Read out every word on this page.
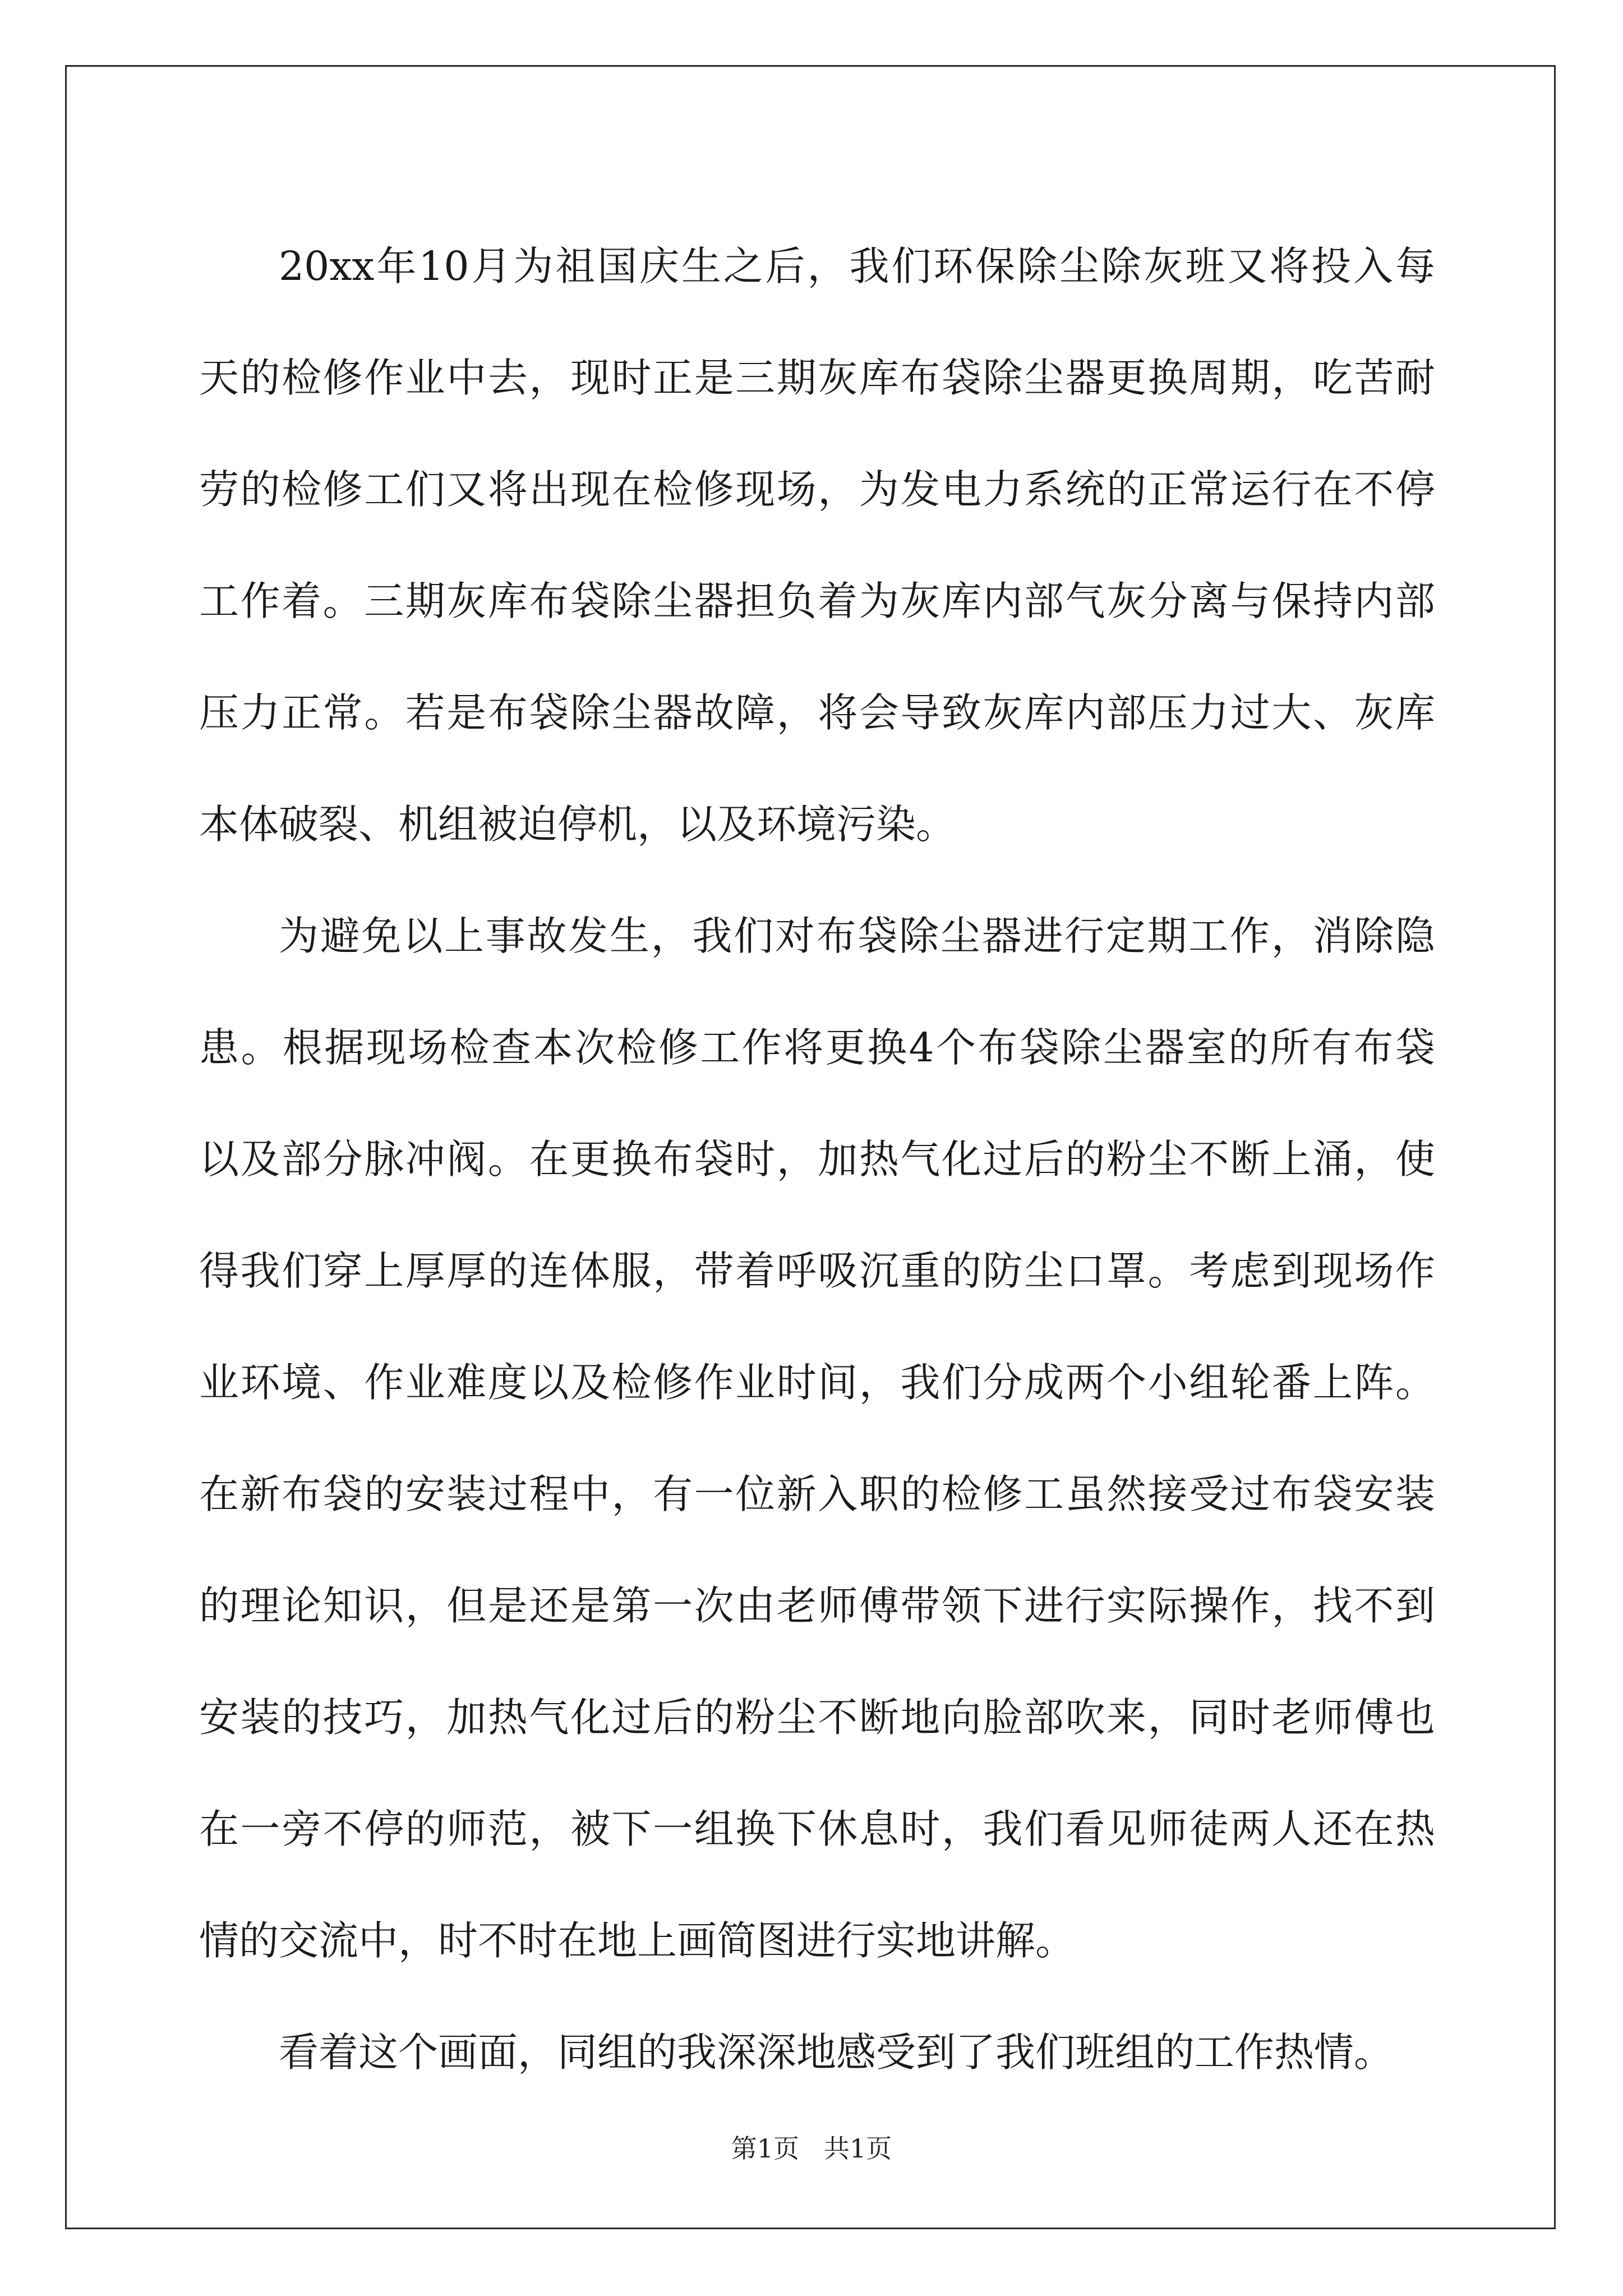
20xx年10月为祖国庆生之后，我们环保除尘除灰班又将投入每
天的检修作业中去，现时正是三期灰库布袋除尘器更换周期，吃苦耐
劳的检修工们又将出现在检修现场，为发电力系统的正常运行在不停
工作着。三期灰库布袋除尘器担负着为灰库内部气灰分离与保持内部
压力正常。若是布袋除尘器故障，将会导致灰库内部压力过大、灰库
本体破裂、机组被迫停机，以及环境污染。
为避免以上事故发生，我们对布袋除尘器进行定期工作，消除隐
患。根据现场检查本次检修工作将更换4个布袋除尘器室的所有布袋
以及部分脉冲阀。在更换布袋时，加热气化过后的粉尘不断上涌，使
得我们穿上厚厚的连体服，带着呼吸沉重的防尘口罩。考虑到现场作
业环境、作业难度以及检修作业时间，我们分成两个小组轮番上阵。
在新布袋的安装过程中，有一位新入职的检修工虽然接受过布袋安装
的理论知识，但是还是第一次由老师傅带领下进行实际操作，找不到
安装的技巧，加热气化过后的粉尘不断地向脸部吹来，同时老师傅也
在一旁不停的师范，被下一组换下休息时，我们看见师徒两人还在热
情的交流中，时不时在地上画简图进行实地讲解。
看着这个画面，同组的我深深地感受到了我们班组的工作热情。
第1页 共1页
